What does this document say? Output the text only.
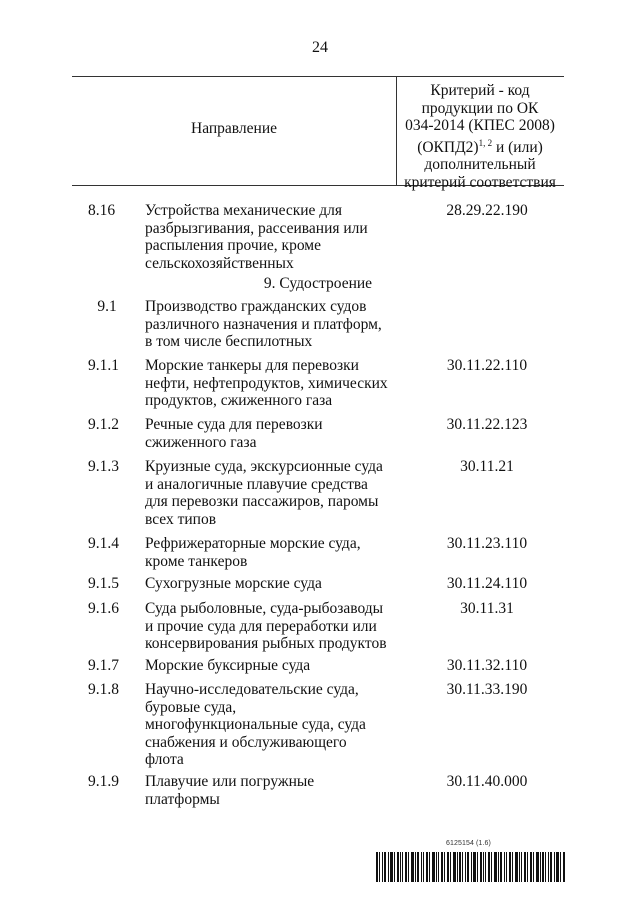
24
Направление
Критерий - код
продукции по ОК
034-2014 (КПЕС 2008)
(ОКПД2)$^{1, 2}$ и (или)
дополнительный
критерий соответствия
8.16	Устройства механические для
разбрызгивания, рассеивания или
распыления прочие, кроме
сельскохозяйственных
28.29.22.190
9. Судостроение
9.1	Производство гражданских судов
различного назначения и платформ,
в том числе беспилотных
9.1.1	Морские танкеры для перевозки
нефти, нефтепродуктов, химических
продуктов, сжиженного газа
30.11.22.110
9.1.2	Речные суда для перевозки
сжиженного газа
30.11.22.123
9.1.3	Круизные суда, экскурсионные суда
и аналогичные плавучие средства
для перевозки пассажиров, паромы
всех типов
30.11.21
9.1.4	Рефрижераторные морские суда,
кроме танкеров
30.11.23.110
9.1.5	Сухогрузные морские суда	30.11.24.110
9.1.6	Суда рыболовные, суда-рыбозаводы
и прочие суда для переработки или
консервирования рыбных продуктов
30.11.31
9.1.7	Морские буксирные суда	30.11.32.110
9.1.8	Научно-исследовательские суда,
буровые суда,
многофункциональные суда, суда
снабжения и обслуживающего
флота
30.11.33.190
9.1.9	Плавучие или погружные
платформы
30.11.40.000
6125154 (1.6)
